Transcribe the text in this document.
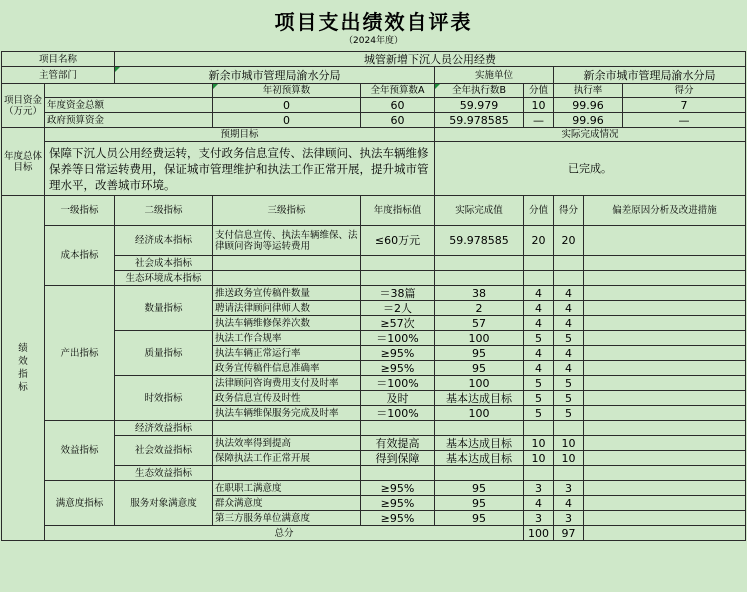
项目支出绩效自评表
（2024年度）
项目名称		城管新增下沉人员公用经费							
主管部门		新余市城市管理局渝水分局			实施单位		新余市城市管理局渝水分局		
项目资金（万元）			年初预算数	全年预算数A	全年执行数B	分值	执行率		得分
	年度资金总额		0	60	59.979	10	99.96		7
	政府预算资金		0	60	59.978585	—	99.96		—
年度总体目标	预期目标				实际完成情况				
	保障下沉人员公用经费运转，支付政务信息宣传、法律顾问、执法车辆维修保养等日常运转费用，保证城市管理维护和执法工作正常开展，提升城市管理水平，改善城市环境。				已完成。				
绩效指标	一级指标	二级指标	三级指标	年度指标值	实际完成值	分值	得分	偏差原因分析及改进措施	
	成本指标	经济成本指标	支付信息宣传、执法车辆维保、法律顾问咨询等运转费用	≤60万元	59.978585	20	20		
		社会成本指标							
		生态环境成本指标							
	产出指标	数量指标	推送政务宣传稿件数量	＝38篇	38	4	4		
			聘请法律顾问律师人数	＝2人	2	4	4		
			执法车辆维修保养次数	≥57次	57	4	4		
		质量指标	执法工作合规率	＝100%	100	5	5		
			执法车辆正常运行率	≥95%	95	4	4		
			政务宣传稿件信息准确率	≥95%	95	4	4		
		时效指标	法律顾问咨询费用支付及时率	＝100%	100	5	5		
			政务信息宣传及时性	及时	基本达成目标	5	5		
			执法车辆维保服务完成及时率	＝100%	100	5	5		
	效益指标	经济效益指标							
		社会效益指标	执法效率得到提高	有效提高	基本达成目标	10	10		
			保障执法工作正常开展	得到保障	基本达成目标	10	10		
		生态效益指标							
	满意度指标	服务对象满意度	在职职工满意度	≥95%	95	3	3		
			群众满意度	≥95%	95	4	4		
			第三方服务单位满意度	≥95%	95	3	3		
	总分					100	97		
